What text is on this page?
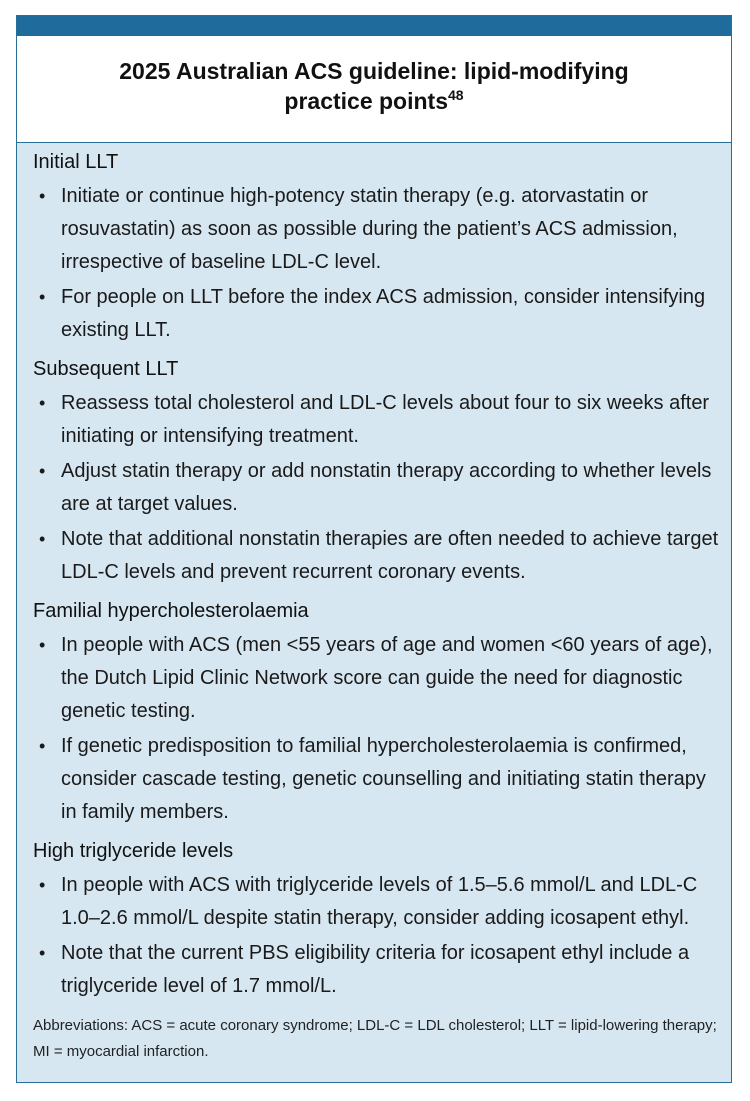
2025 Australian ACS guideline: lipid-modifying practice points$^{48}$
Initial LLT
• Initiate or continue high-potency statin therapy (e.g. atorvastatin or rosuvastatin) as soon as possible during the patient’s ACS admission, irrespective of baseline LDL-C level.
• For people on LLT before the index ACS admission, consider intensifying existing LLT.
Subsequent LLT
• Reassess total cholesterol and LDL-C levels about four to six weeks after initiating or intensifying treatment.
• Adjust statin therapy or add nonstatin therapy according to whether levels are at target values.
• Note that additional nonstatin therapies are often needed to achieve target LDL-C levels and prevent recurrent coronary events.
Familial hypercholesterolaemia
• In people with ACS (men <55 years of age and women <60 years of age), the Dutch Lipid Clinic Network score can guide the need for diagnostic genetic testing.
• If genetic predisposition to familial hypercholesterolaemia is confirmed, consider cascade testing, genetic counselling and initiating statin therapy in family members.
High triglyceride levels
• In people with ACS with triglyceride levels of 1.5–5.6 mmol/L and LDL-C 1.0–2.6 mmol/L despite statin therapy, consider adding icosapent ethyl.
• Note that the current PBS eligibility criteria for icosapent ethyl include a triglyceride level of 1.7 mmol/L.
Abbreviations: ACS = acute coronary syndrome; LDL-C = LDL cholesterol; LLT = lipid-lowering therapy; MI = myocardial infarction.
